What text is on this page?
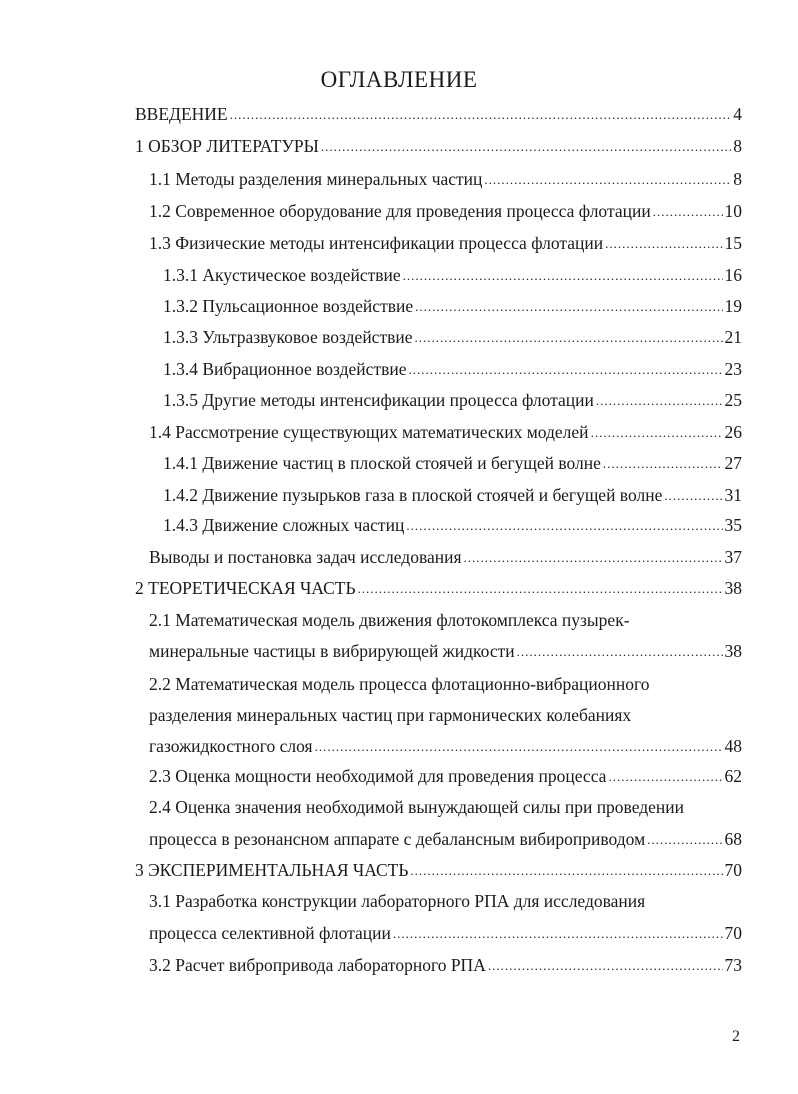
ОГЛАВЛЕНИЕ
ВВЕДЕНИЕ .....	4
1 ОБЗОР ЛИТЕРАТУРЫ .....	8
1.1 Методы разделения минеральных частиц .....	8
1.2 Современное оборудование для проведения процесса флотации .....	10
1.3 Физические методы интенсификации процесса флотации .....	15
1.3.1 Акустическое воздействие .....	16
1.3.2 Пульсационное воздействие .....	19
1.3.3 Ультразвуковое воздействие .....	21
1.3.4 Вибрационное воздействие .....	23
1.3.5 Другие методы интенсификации процесса флотации .....	25
1.4 Рассмотрение существующих математических моделей .....	26
1.4.1 Движение частиц в плоской стоячей и бегущей волне .....	27
1.4.2 Движение пузырьков газа в плоской стоячей и бегущей волне .....	31
1.4.3 Движение сложных частиц .....	35
Выводы и постановка задач исследования .....	37
2 ТЕОРЕТИЧЕСКАЯ ЧАСТЬ .....	38
2.1 Математическая модель движения флотокомплекса пузырек-
минеральные частицы в вибрирующей жидкости .....	38
2.2 Математическая модель процесса флотационно-вибрационного
разделения минеральных частиц при гармонических колебаниях
газожидкостного слоя .....	48
2.3 Оценка мощности необходимой для проведения процесса .....	62
2.4 Оценка значения необходимой вынуждающей силы при проведении
процесса в резонансном аппарате с дебалансным вибироприводом .....	68
3 ЭКСПЕРИМЕНТАЛЬНАЯ ЧАСТЬ .....	70
3.1 Разработка конструкции лабораторного РПА для исследования
процесса селективной флотации .....	70
3.2 Расчет вибропривода лабораторного РПА .....	73
2
